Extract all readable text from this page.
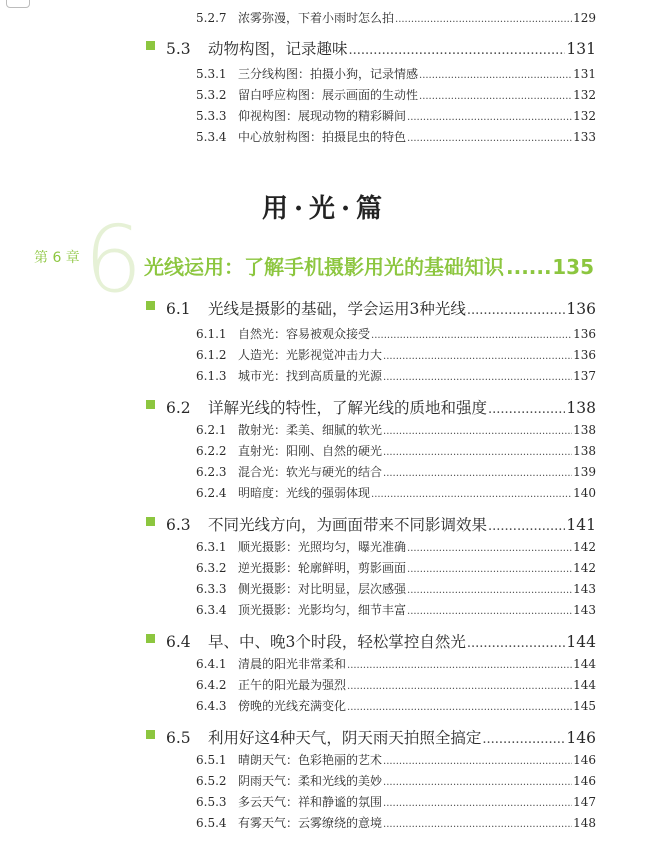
5.2.7 浓雾弥漫，下着小雨时怎么拍 .....	129
5.3	动物构图，记录趣味 .....	131
5.3.1 三分线构图：拍摄小狗，记录情感 .....	131
5.3.2 留白呼应构图：展示画面的生动性 .....	132
5.3.3 仰视构图：展现动物的精彩瞬间 .....	132
5.3.4 中心放射构图：拍摄昆虫的特色 .....	133
用·光·篇
6
第 6 章	光线运用：了解手机摄影用光的基础知识 ..... 135
6.1	光线是摄影的基础，学会运用3种光线 .....	136
6.1.1 自然光：容易被观众接受 .....	136
6.1.2 人造光：光影视觉冲击力大 .....	136
6.1.3 城市光：找到高质量的光源 .....	137
6.2	详解光线的特性，了解光线的质地和强度 .....	138
6.2.1 散射光：柔美、细腻的软光 .....	138
6.2.2 直射光：阳刚、自然的硬光 .....	138
6.2.3 混合光：软光与硬光的结合 .....	139
6.2.4 明暗度：光线的强弱体现 .....	140
6.3	不同光线方向，为画面带来不同影调效果 .....	141
6.3.1 顺光摄影：光照均匀，曝光准确 .....	142
6.3.2 逆光摄影：轮廓鲜明，剪影画面 .....	142
6.3.3 侧光摄影：对比明显，层次感强 .....	143
6.3.4 顶光摄影：光影均匀，细节丰富 .....	143
6.4	早、中、晚3个时段，轻松掌控自然光 .....	144
6.4.1 清晨的阳光非常柔和 .....	144
6.4.2 正午的阳光最为强烈 .....	144
6.4.3 傍晚的光线充满变化 .....	145
6.5	利用好这4种天气，阴天雨天拍照全搞定 .....	146
6.5.1 晴朗天气：色彩艳丽的艺术 .....	146
6.5.2 阴雨天气：柔和光线的美妙 .....	146
6.5.3 多云天气：祥和静谧的氛围 .....	147
6.5.4 有雾天气：云雾缭绕的意境 .....	148
